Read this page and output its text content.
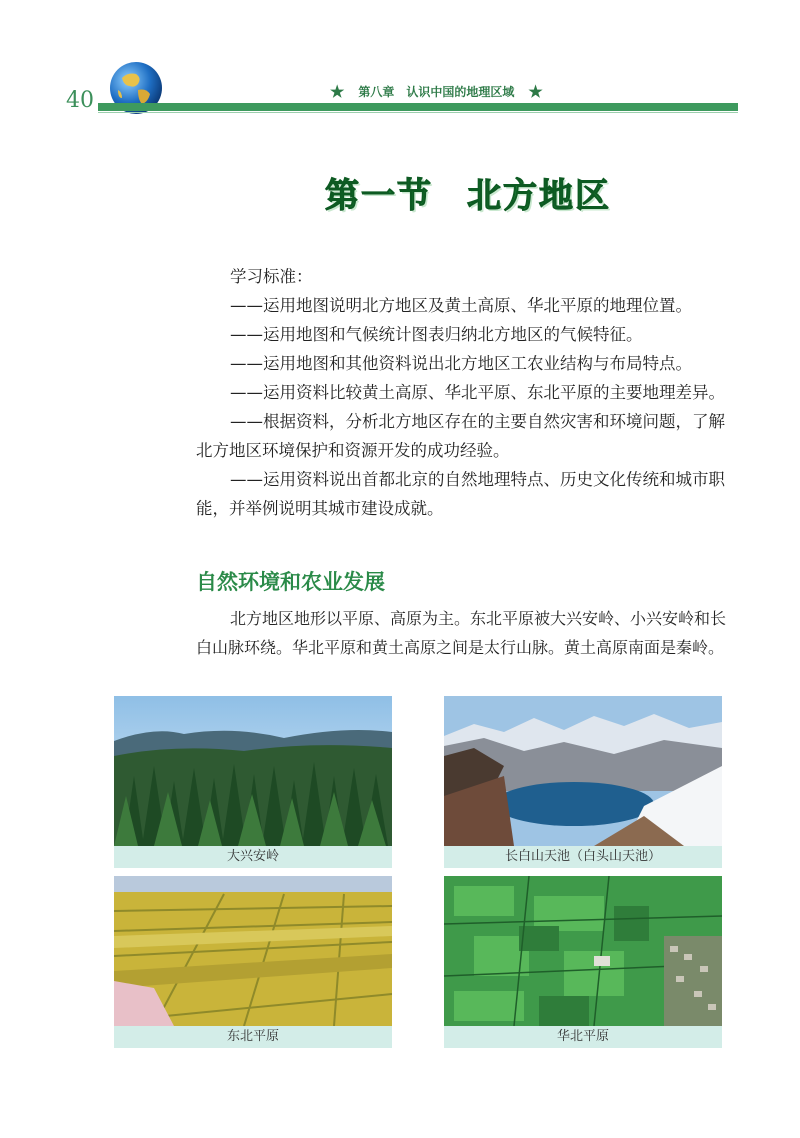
40	★ 第八章　认识中国的地理区域 ★
第一节 北方地区
学习标准：
——运用地图说明北方地区及黄土高原、华北平原的地理位置。
——运用地图和气候统计图表归纳北方地区的气候特征。
——运用地图和其他资料说出北方地区工农业结构与布局特点。
——运用资料比较黄土高原、华北平原、东北平原的主要地理差异。
——根据资料，分析北方地区存在的主要自然灾害和环境问题，了解北方地区环境保护和资源开发的成功经验。
——运用资料说出首都北京的自然地理特点、历史文化传统和城市职能，并举例说明其城市建设成就。
自然环境和农业发展
北方地区地形以平原、高原为主。东北平原被大兴安岭、小兴安岭和长白山脉环绕。华北平原和黄土高原之间是太行山脉。黄土高原南面是秦岭。
大兴安岭	长白山天池（白头山天池）
东北平原	华北平原
